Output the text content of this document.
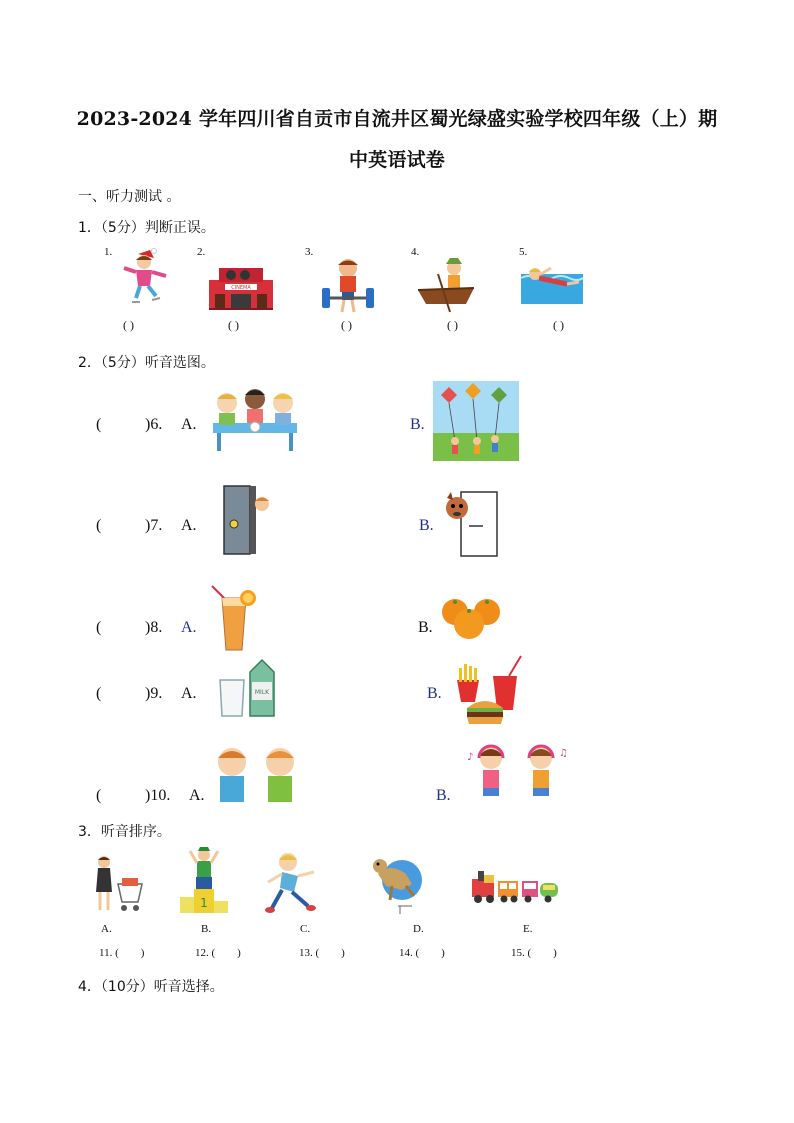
2023-2024 学年四川省自贡市自流井区蜀光绿盛实验学校四年级（上）期
中英语试卷
一、听力测试 。
1．（5分）判断正误。
1.	2.	3.	4.	5.
CINEMA
( )	( )	( )	( )	( )
2．（5分）听音选图。
(	)6. A.	B.
(	)7. A.	B.
(	)8. A.	B.
(	)9. A.	B.
MILK
(	)10. A.	B.
♪	♫
3．听音排序。
1
A.	B.	C.	D.	E.
11. (        )	12. (        )	13. (        )	14. (        )	15. (        )
4．（10分）听音选择。
